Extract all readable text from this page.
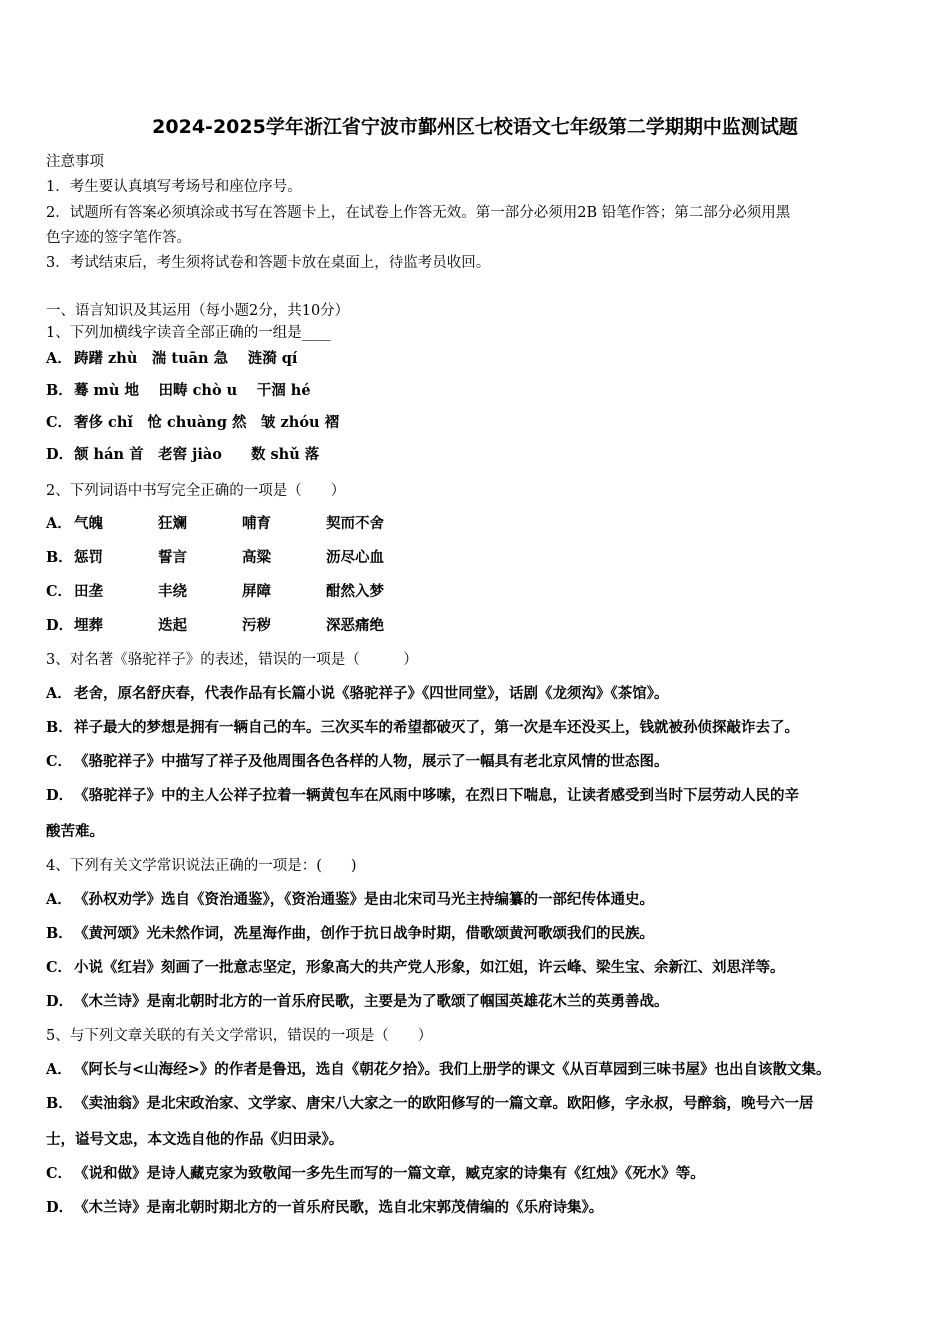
2024-2025学年浙江省宁波市鄞州区七校语文七年级第二学期期中监测试题
注意事项
1．考生要认真填写考场号和座位序号。
2．试题所有答案必须填涂或书写在答题卡上，在试卷上作答无效。第一部分必须用2B 铅笔作答；第二部分必须用黑
色字迹的签字笔作答。
3．考试结束后，考生须将试卷和答题卡放在桌面上，待监考员收回。
一、语言知识及其运用（每小题2分，共10分）
1、下列加横线字读音全部正确的一组是____
A． 踌躇 zhù　湍 tuān 急　 涟漪 qí
B．蓦 mù 地　 田畴 chò u　 干涸 hé
C． 奢侈 chǐ　怆 chuàng 然　皱 zhóu 褶
D．颔 hán 首　老窖 jiào　　数 shǔ 落
2、下列词语中书写完全正确的一项是（　　）
A． 气魄	狂斓	哺育	契而不舍
B．惩罚	誓言	高粱	沥尽心血
C． 田垄	丰绕	屏障	酣然入梦
D．埋葬	迭起	污秽	深恶痛绝
3、对名著《骆驼祥子》的表述，错误的一项是（　　　）
A． 老舍，原名舒庆春，代表作品有长篇小说《骆驼祥子》《四世同堂》，话剧《龙须沟》《茶馆》。
B．祥子最大的梦想是拥有一辆自己的车。三次买车的希望都破灭了，第一次是车还没买上，钱就被孙侦探敲诈去了。
C． 《骆驼祥子》中描写了祥子及他周围各色各样的人物，展示了一幅具有老北京风情的世态图。
D．《骆驼祥子》中的主人公祥子拉着一辆黄包车在风雨中哆嗦，在烈日下喘息，让读者感受到当时下层劳动人民的辛
酸苦难。
4、下列有关文学常识说法正确的一项是：(　　)
A． 《孙权劝学》选自《资治通鉴》，《资治通鉴》是由北宋司马光主持编纂的一部纪传体通史。
B．《黄河颂》光未然作词，冼星海作曲，创作于抗日战争时期，借歌颂黄河歌颂我们的民族。
C． 小说《红岩》刻画了一批意志坚定，形象高大的共产党人形象，如江姐，许云峰、梁生宝、余新江、刘思洋等。
D．《木兰诗》是南北朝时北方的一首乐府民歌，主要是为了歌颂了帼国英雄花木兰的英勇善战。
5、与下列文章关联的有关文学常识，错误的一项是（　　）
A． 《阿长与<山海经>》的作者是鲁迅，选自《朝花夕拾》。我们上册学的课文《从百草园到三味书屋》也出自该散文集。
B．《卖油翁》是北宋政治家、文学家、唐宋八大家之一的欧阳修写的一篇文章。欧阳修，字永叔，号醉翁，晚号六一居
士，谥号文忠，本文选自他的作品《归田录》。
C． 《说和做》是诗人藏克家为致敬闻一多先生而写的一篇文章，臧克家的诗集有《红烛》《死水》等。
D．《木兰诗》是南北朝时期北方的一首乐府民歌，选自北宋郭茂倩编的《乐府诗集》。
